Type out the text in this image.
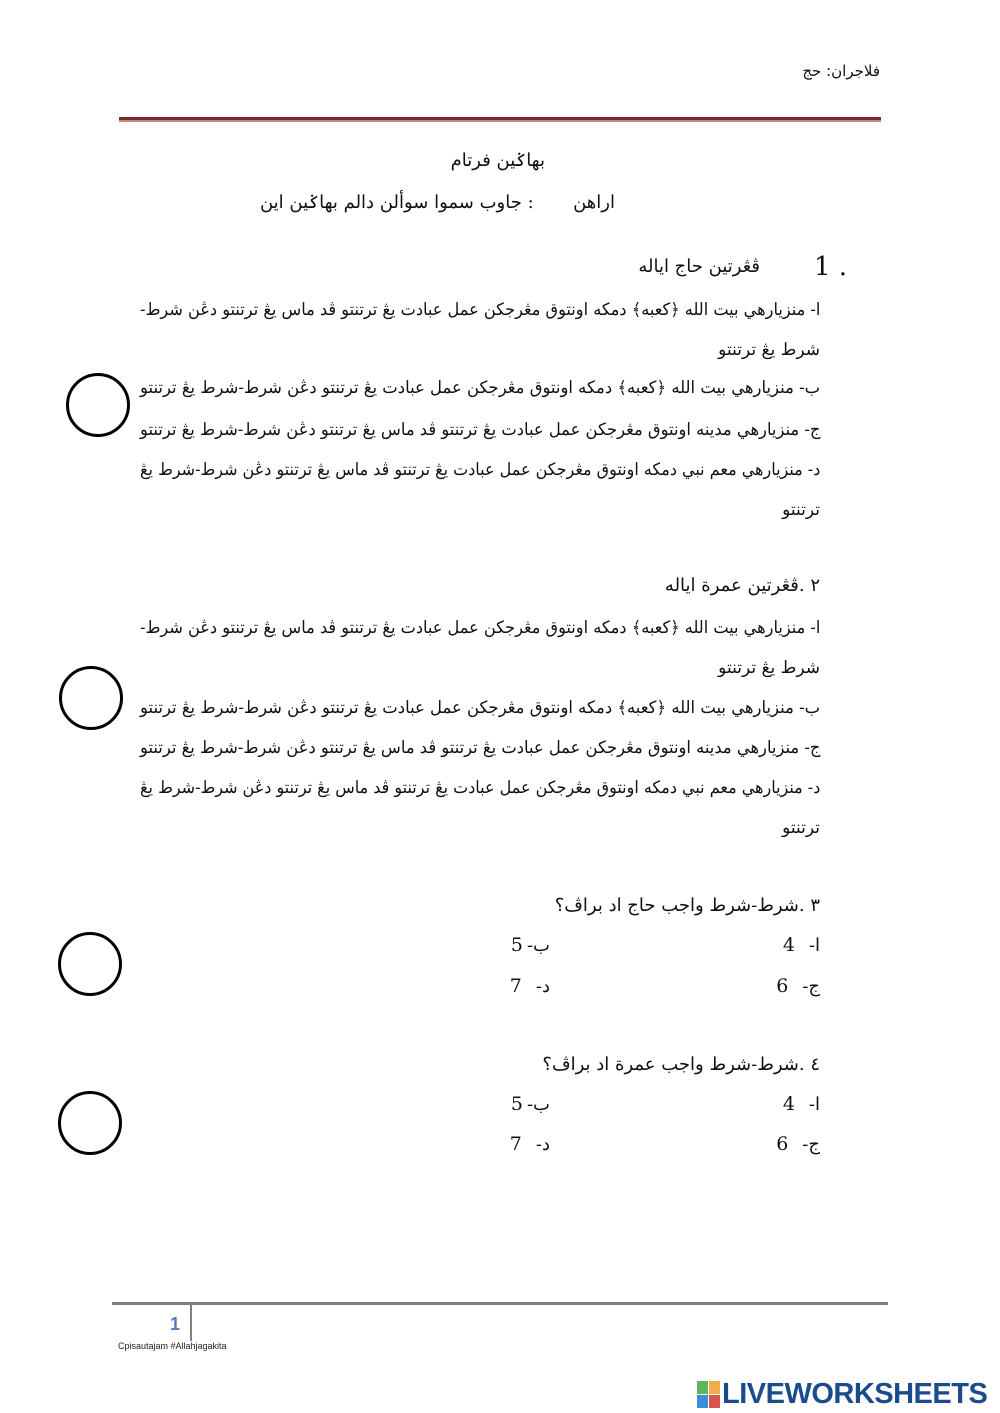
فلاجران: حج
بهاݢين فرتام
اراهن  : جاوب سموا سوألن دالم بهاݢين اين
1 .
ڤڠرتين حاج اياله
ا- منزيارهي بيت الله ﴿كعبه﴾ دمكه اونتوق مڠرجكن عمل عبادت يڠ ترتنتو ڤد ماس يڠ ترتنتو دڠن شرط-
شرط يڠ ترتنتو
ب- منزيارهي بيت الله ﴿كعبه﴾ دمكه اونتوق مڠرجكن عمل عبادت يڠ ترتنتو دڠن شرط-شرط يڠ ترتنتو
ج- منزيارهي مدينه اونتوق مڠرجكن عمل عبادت يڠ ترتنتو ڤد ماس يڠ ترتنتو دڠن شرط-شرط يڠ ترتنتو
د- منزيارهي معم نبي دمكه اونتوق مڠرجكن عمل عبادت يڠ ترتنتو ڤد ماس يڠ ترتنتو دڠن شرط-شرط يڠ
ترتنتو
٢ .ڤڠرتين عمرة اياله
ا- منزيارهي بيت الله ﴿كعبه﴾ دمكه اونتوق مڠرجكن عمل عبادت يڠ ترتنتو ڤد ماس يڠ ترتنتو دڠن شرط-
شرط يڠ ترتنتو
ب- منزيارهي بيت الله ﴿كعبه﴾ دمكه اونتوق مڠرجكن عمل عبادت يڠ ترتنتو دڠن شرط-شرط يڠ ترتنتو
ج- منزيارهي مدينه اونتوق مڠرجكن عمل عبادت يڠ ترتنتو ڤد ماس يڠ ترتنتو دڠن شرط-شرط يڠ ترتنتو
د- منزيارهي معم نبي دمكه اونتوق مڠرجكن عمل عبادت يڠ ترتنتو ڤد ماس يڠ ترتنتو دڠن شرط-شرط يڠ
ترتنتو
٣ .شرط-شرط واجب حاج اد براڤ؟
ا-4
ب-5
ج-6
د-7
٤ .شرط-شرط واجب عمرة اد براڤ؟
ا-4
ب-5
ج-6
د-7
1
Cpisautajam #Allahjagakita
LIVEWORKSHEETS
